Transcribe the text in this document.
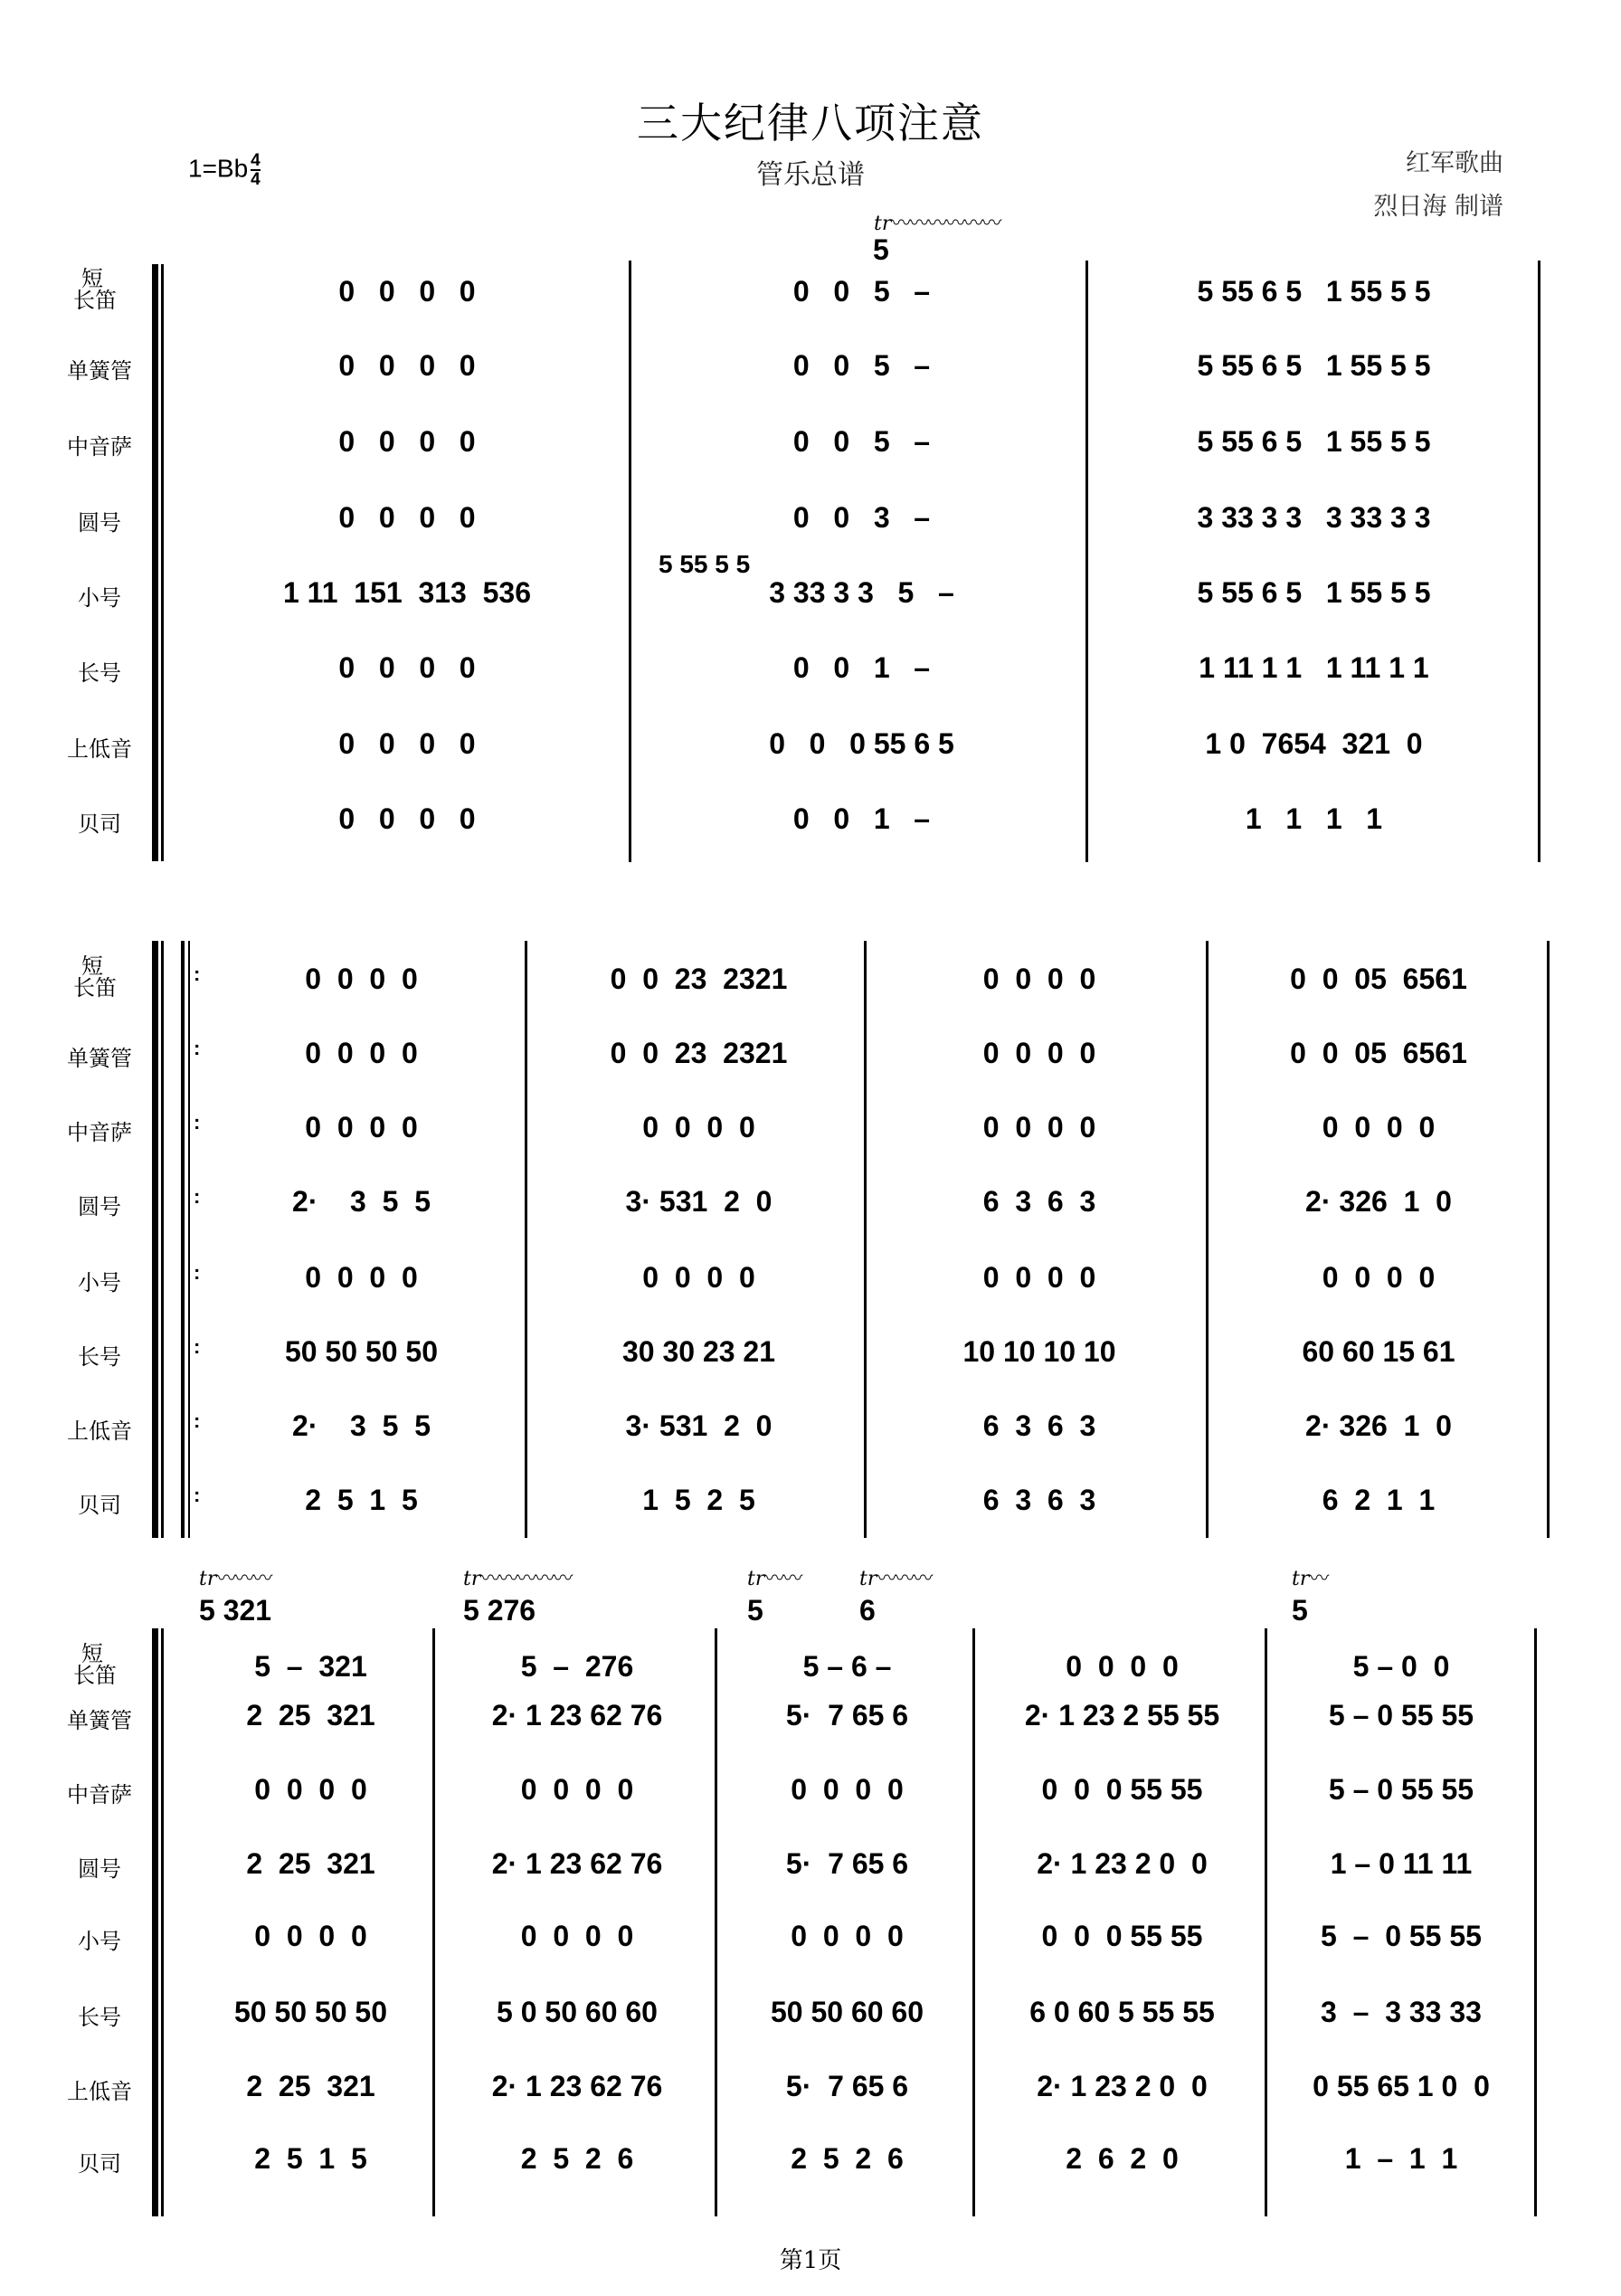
三大纪律八项注意
管乐总谱
$1=Bb \frac{4}{4}$	红军歌曲
烈日海 制谱
tr〰〰〰〰〰〰
5
5 55 5 5
短
长笛	0   0   0   0	0   0   5   –	5 55 6 5   1 55 5 5
单簧管	0   0   0   0	0   0   5   –	5 55 6 5   1 55 5 5
中音萨	0   0   0   0	0   0   5   –	5 55 6 5   1 55 5 5
圆号	0   0   0   0	0   0   3   –	3 33 3 3   3 33 3 3
小号	1 11  151  313  536	3 33 3 3   5   –	5 55 6 5   1 55 5 5
长号	0   0   0   0	0   0   1   –	1 11 1 1   1 11 1 1
上低音	0   0   0   0	0   0   0 55 6 5	1 0  7654  321  0
贝司	0   0   0   0	0   0   1   –	1   1   1   1
短
长笛	0  0  0  0	0  0  23  2321	0  0  0  0	0  0  05  6561
单簧管	0  0  0  0	0  0  23  2321	0  0  0  0	0  0  05  6561
中音萨	0  0  0  0	0  0  0  0	0  0  0  0	0  0  0  0
圆号	2·    3  5  5	3· 531  2  0	6  3  6  3	2· 326  1  0
小号	0  0  0  0	0  0  0  0	0  0  0  0	0  0  0  0
长号	50 50 50 50	30 30 23 21	10 10 10 10	60 60 15 61
上低音	2·    3  5  5	3· 531  2  0	6  3  6  3	2· 326  1  0
贝司	2  5  1  5	1  5  2  5	6  3  6  3	6  2  1  1
:
:
:
:
:
:
:
:
tr〰〰〰	tr〰〰〰〰〰	tr〰〰	tr〰〰〰	tr〰
5 321	5 276	5	6	5
短
长笛	5  –  321	5  –  276	5 – 6 –	0  0  0  0	5 – 0  0
单簧管	2  25  321	2· 1 23 62 76	5·  7 65 6	2· 1 23 2 55 55	5 – 0 55 55
中音萨	0  0  0  0	0  0  0  0	0  0  0  0	0  0  0 55 55	5 – 0 55 55
圆号	2  25  321	2· 1 23 62 76	5·  7 65 6	2· 1 23 2 0  0	1 – 0 11 11
小号	0  0  0  0	0  0  0  0	0  0  0  0	0  0  0 55 55	5  –  0 55 55
长号	50 50 50 50	5 0 50 60 60	50 50 60 60	6 0 60 5 55 55	3  –  3 33 33
上低音	2  25  321	2· 1 23 62 76	5·  7 65 6	2· 1 23 2 0  0	0 55 65 1 0  0
贝司	2  5  1  5	2  5  2  6	2  5  2  6	2  6  2  0	1  –  1  1
第1页
